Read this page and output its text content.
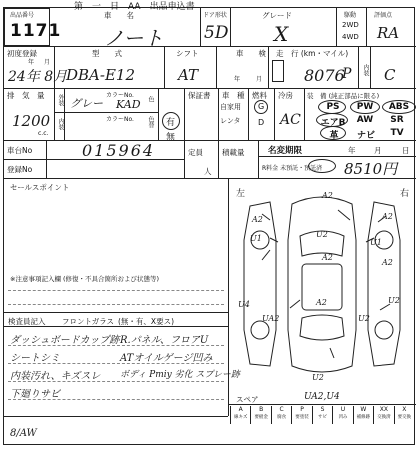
第　一　日　AA　出品申込書
出品番号
1171
車　　名
ノート
ドア形状
5D
グレード
X
駆動
2WD
4WD
評価点
RA
初度登録
年 月
24年 8月
型　　式
DBA-E12
シフト
AT
車　　検
年	月
走　行 (km・マイル)
8076
P 内装 C
排　気　量
1200
c.c.
外装
内装
グレー
カラーNo.
KAD
カラーNo.
色
色替 有
無
保証書 車　種
自家用
レンタ
燃料
G
D
冷房
AC
装　備 (純正部品に限る)
PS	PW	ABS
エアB	AW	SR
革	ナビ	TV
車台No	015964
登録No
定員
人
積載量	名変期限	年 月	日
R料金 未預託・預託済 8510円
セールスポイント
※注意事項記入欄 (修復・不具合箇所および状態等)
検査員記入 フロントガラス (無・有、X要ス)
ダッシュボードカップ跡
シートシミ
内装汚れ、キズスレ
下廻りサビ
R.パネル、フロアU
ATオイルゲージ凹み
ボディ Pmiy 劣化 スプレー跡
左	右
A2
A2	A2
U1
A2
U1
A2
U2
A2
U4	U2
U2
UA2
U2
スペア	UA2,U4
A
線キズ
B
要板金
C
腐食
P
要塗装
S
サビ
U
凹み
W
補修跡
XX
交換済
X
要交換
8/AW
